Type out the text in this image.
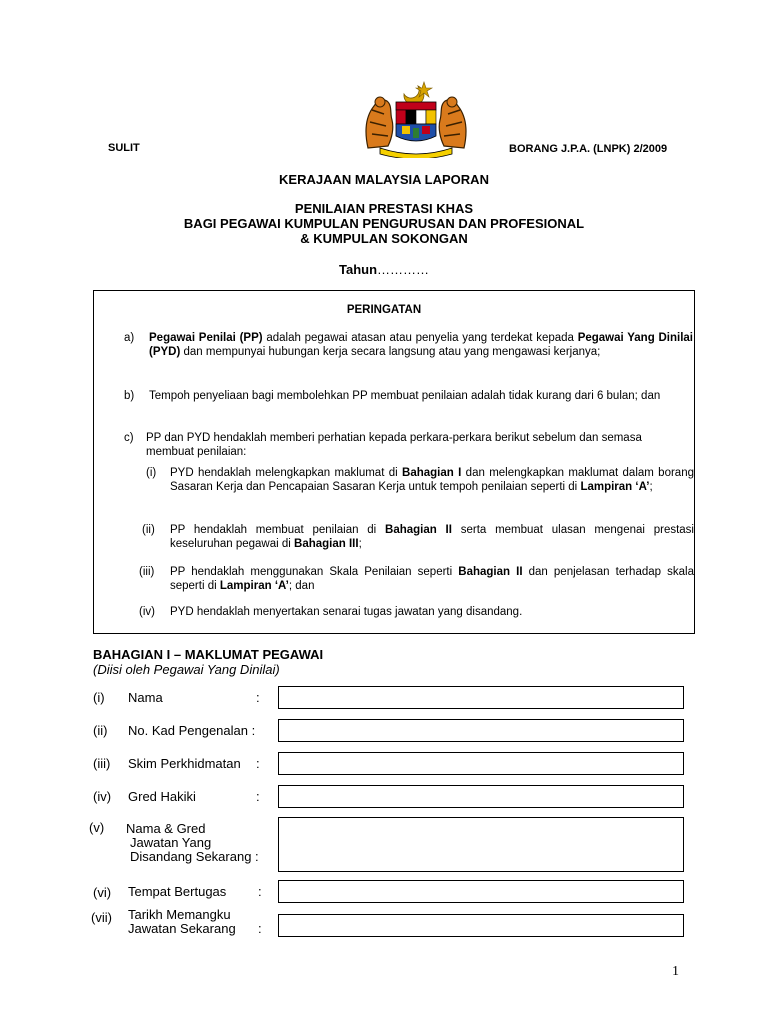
SULIT	BORANG J.P.A. (LNPK) 2/2009
KERAJAAN MALAYSIA LAPORAN
PENILAIAN PRESTASI KHAS
BAGI PEGAWAI KUMPULAN PENGURUSAN DAN PROFESIONAL
& KUMPULAN SOKONGAN
Tahun…………
PERINGATAN
a) Pegawai Penilai (PP) adalah pegawai atasan atau penyelia yang terdekat kepada Pegawai Yang Dinilai (PYD) dan mempunyai hubungan kerja secara langsung atau yang mengawasi kerjanya;
b) Tempoh penyeliaan bagi membolehkan PP membuat penilaian adalah tidak kurang dari 6 bulan; dan
c) PP dan PYD hendaklah memberi perhatian kepada perkara-perkara berikut sebelum dan semasa membuat penilaian:
(i) PYD hendaklah melengkapkan maklumat di Bahagian I dan melengkapkan maklumat dalam borang Sasaran Kerja dan Pencapaian Sasaran Kerja untuk tempoh penilaian seperti di Lampiran ‘A’;
(ii) PP hendaklah membuat penilaian di Bahagian II serta membuat ulasan mengenai prestasi keseluruhan pegawai di Bahagian III;
(iii) PP hendaklah menggunakan Skala Penilaian seperti Bahagian II dan penjelasan terhadap skala seperti di Lampiran ‘A’; dan
(iv) PYD hendaklah menyertakan senarai tugas jawatan yang disandang.
BAHAGIAN I – MAKLUMAT PEGAWAI
(Diisi oleh Pegawai Yang Dinilai)
(i) Nama	:
(ii) No. Kad Pengenalan :
(iii) Skim Perkhidmatan :
(iv) Gred Hakiki	:
(v) Nama & Gred
Jawatan Yang
Disandang Sekarang :
(vi) Tempat Bertugas :
(vii) Tarikh Memangku
Jawatan Sekarang :
1
